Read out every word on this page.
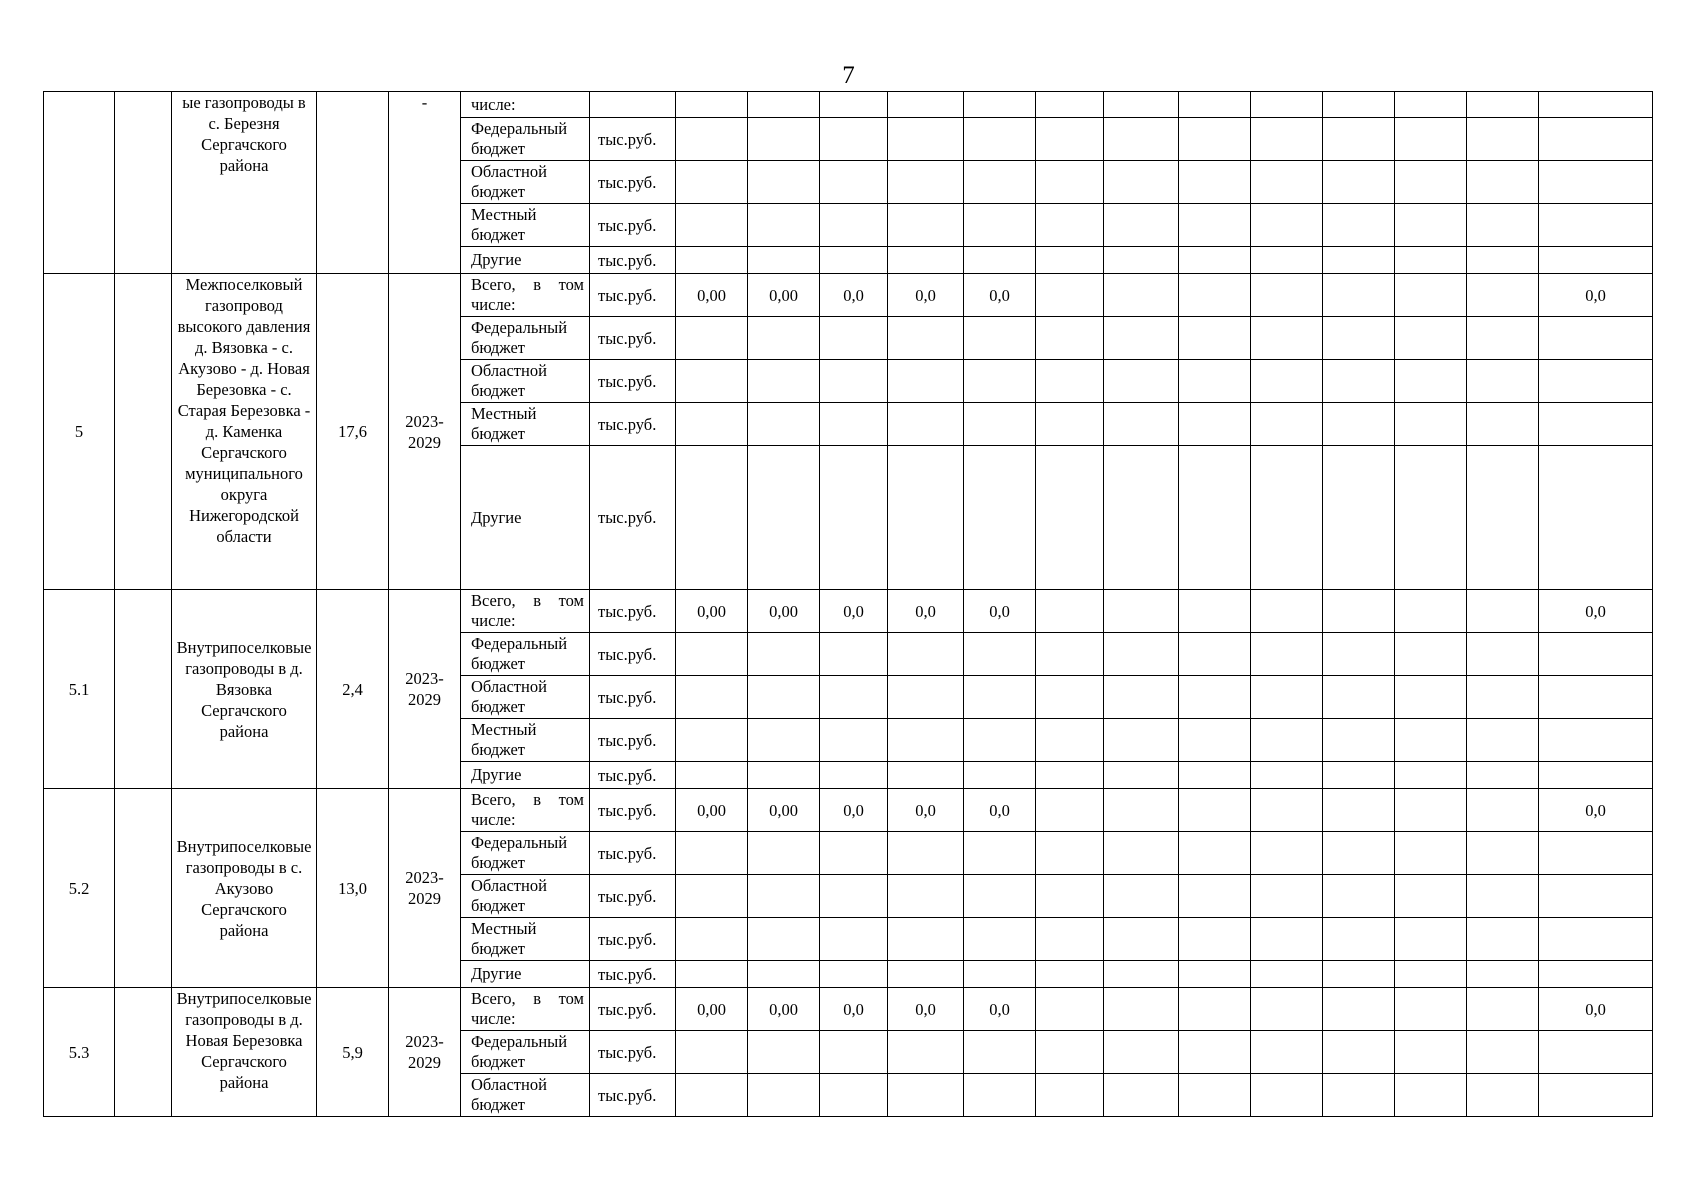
7
		ые газопроводы в с. Березня Сергачского района		-	числе:															
					Федеральный бюджет	тыс.руб.														
					Областной бюджет	тыс.руб.														
					Местный бюджет	тыс.руб.														
					Другие	тыс.руб.														
5		Межпоселковый газопровод высокого давления д. Вязовка - с. Акузово - д. Новая Березовка - с. Старая Березовка - д. Каменка Сергачского муниципального округа Нижегородской области	17,6	2023-2029	Всего, в том числе:	тыс.руб.	0,00	0,00	0,0	0,0	0,0								0,0	
					Федеральный бюджет	тыс.руб.														
					Областной бюджет	тыс.руб.														
					Местный бюджет	тыс.руб.														
					Другие	тыс.руб.														
5.1		Внутрипоселковые газопроводы в д. Вязовка Сергачского района	2,4	2023-2029	Всего, в том числе:	тыс.руб.	0,00	0,00	0,0	0,0	0,0								0,0	
					Федеральный бюджет	тыс.руб.														
					Областной бюджет	тыс.руб.														
					Местный бюджет	тыс.руб.														
					Другие	тыс.руб.														
5.2		Внутрипоселковые газопроводы в с. Акузово Сергачского района	13,0	2023-2029	Всего, в том числе:	тыс.руб.	0,00	0,00	0,0	0,0	0,0								0,0	
					Федеральный бюджет	тыс.руб.														
					Областной бюджет	тыс.руб.														
					Местный бюджет	тыс.руб.														
					Другие	тыс.руб.														
5.3		Внутрипоселковые газопроводы в д. Новая Березовка Сергачского района	5,9	2023-2029	Всего, в том числе:	тыс.руб.	0,00	0,00	0,0	0,0	0,0								0,0	
					Федеральный бюджет	тыс.руб.														
					Областной бюджет	тыс.руб.														
